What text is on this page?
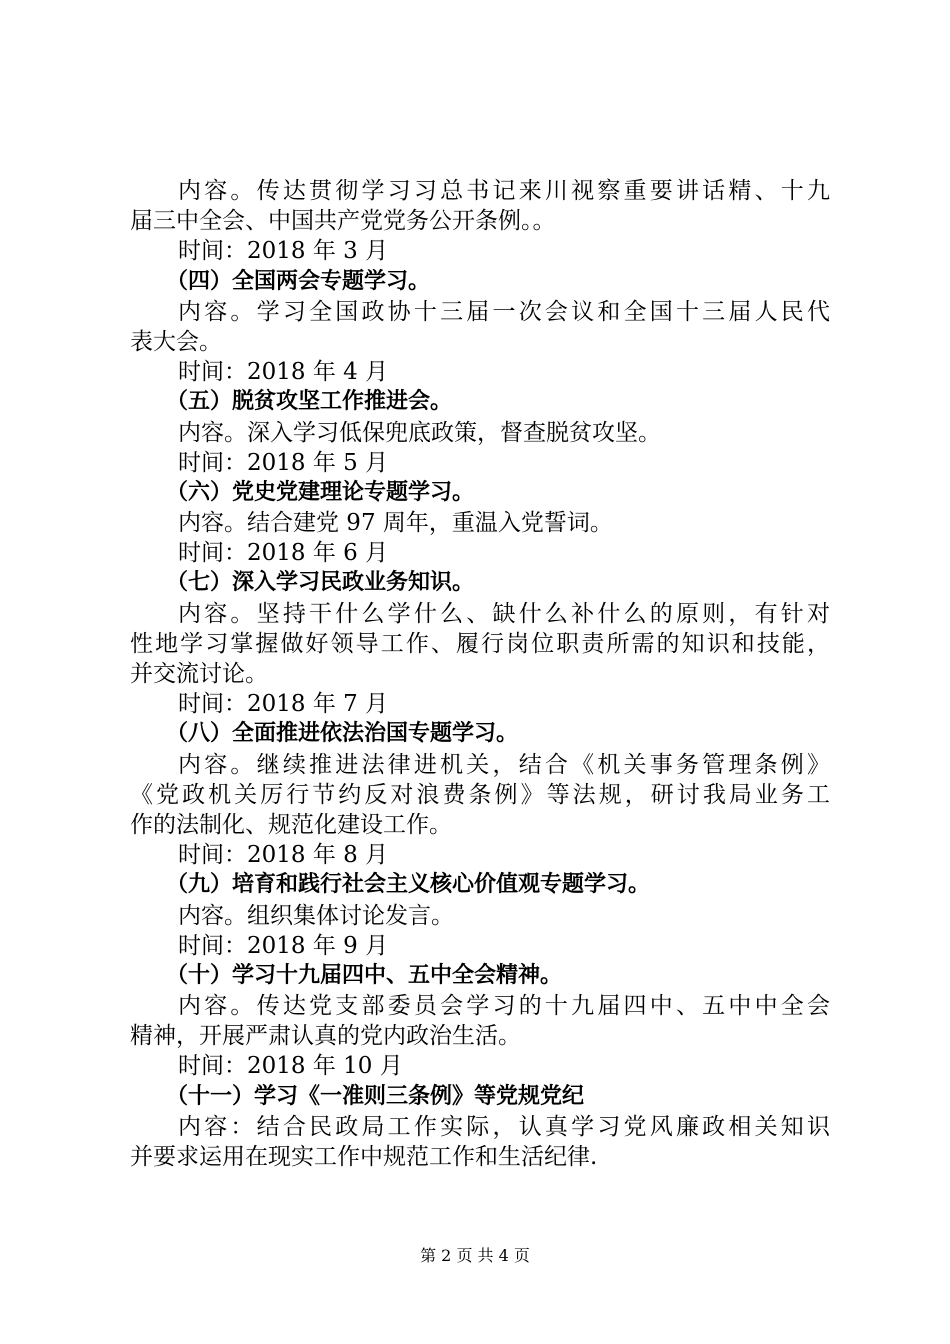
内容。传达贯彻学习习总书记来川视察重要讲话精、十九
届三中全会、中国共产党党务公开条例。。
时间：2018 年 3 月
（四）全国两会专题学习。
内容。学习全国政协十三届一次会议和全国十三届人民代
表大会。
时间：2018 年 4 月
（五）脱贫攻坚工作推进会。
内容。深入学习低保兜底政策，督查脱贫攻坚。
时间：2018 年 5 月
（六）党史党建理论专题学习。
内容。结合建党 97 周年，重温入党誓词。
时间：2018 年 6 月
（七）深入学习民政业务知识。
内容。坚持干什么学什么、缺什么补什么的原则，有针对
性地学习掌握做好领导工作、履行岗位职责所需的知识和技能，
并交流讨论。
时间：2018 年 7 月
（八）全面推进依法治国专题学习。
内容。继续推进法律进机关，结合《机关事务管理条例》
《党政机关厉行节约反对浪费条例》等法规，研讨我局业务工
作的法制化、规范化建设工作。
时间：2018 年 8 月
（九）培育和践行社会主义核心价值观专题学习。
内容。组织集体讨论发言。
时间：2018 年 9 月
（十）学习十九届四中、五中全会精神。
内容。传达党支部委员会学习的十九届四中、五中中全会
精神，开展严肃认真的党内政治生活。
时间：2018 年 10 月
（十一）学习《一准则三条例》等党规党纪
内容：结合民政局工作实际，认真学习党风廉政相关知识
并要求运用在现实工作中规范工作和生活纪律.
第 2 页 共 4 页
